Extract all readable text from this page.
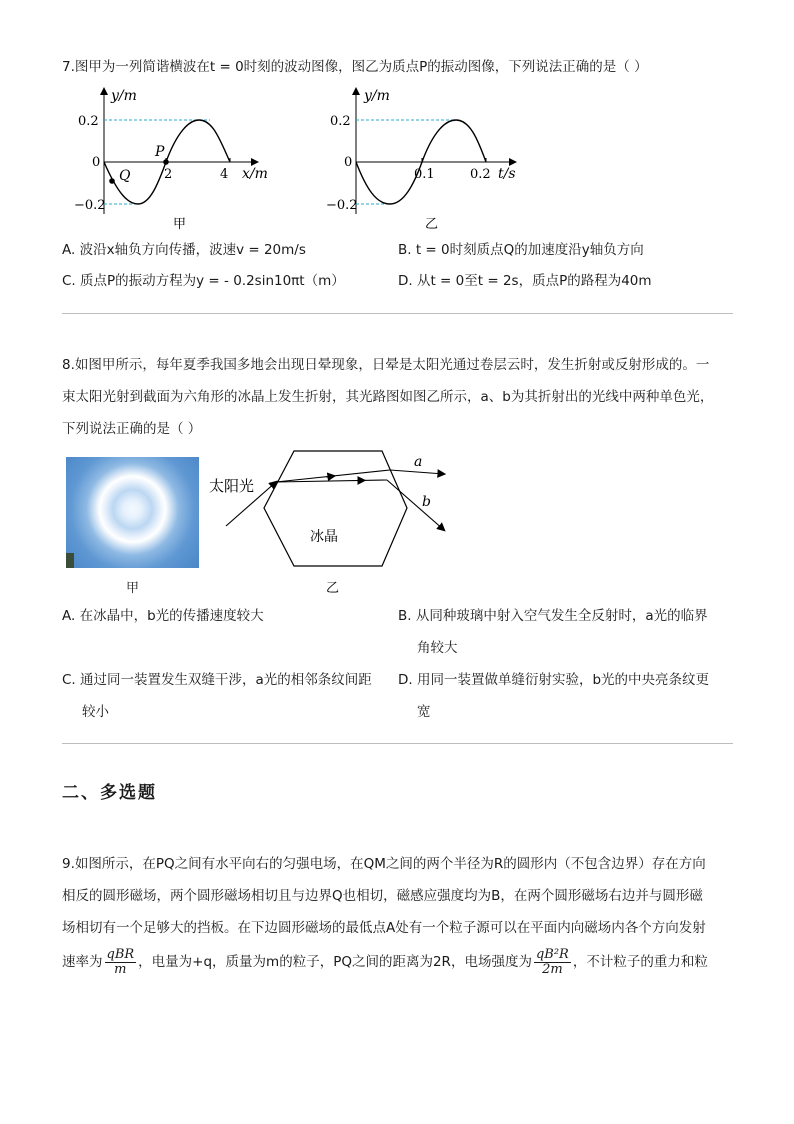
7.图甲为一列简谐横波在t = 0时刻的波动图像，图乙为质点P的振动图像，下列说法正确的是（ ）
y/m
0.2
0
−0.2
2	4 x/m
P
Q
甲
y/m
0.2
0
−0.2
0.1	0.2 t/s
乙
A. 波沿x轴负方向传播，波速v = 20m/s	B. t = 0时刻质点Q的加速度沿y轴负方向
C. 质点P的振动方程为y = - 0.2sin10πt（m）	D. 从t = 0至t = 2s，质点P的路程为40m
8.如图甲所示，每年夏季我国多地会出现日晕现象，日晕是太阳光通过卷层云时，发生折射或反射形成的。一
束太阳光射到截面为六角形的冰晶上发生折射，其光路图如图乙所示，a、b为其折射出的光线中两种单色光，
下列说法正确的是（ ）
甲
太阳光
冰晶
a
b
乙
A. 在冰晶中，b光的传播速度较大	B. 从同种玻璃中射入空气发生全反射时，a光的临界
角较大
C. 通过同一装置发生双缝干涉，a光的相邻条纹间距
较小
D. 用同一装置做单缝衍射实验，b光的中央亮条纹更
宽
二、多选题
9.如图所示，在PQ之间有水平向右的匀强电场，在QM之间的两个半径为R的圆形内（不包含边界）存在方向
相反的圆形磁场，两个圆形磁场相切且与边界Q也相切，磁感应强度均为B，在两个圆形磁场右边并与圆形磁
场相切有一个足够大的挡板。在下边圆形磁场的最低点A处有一个粒子源可以在平面内向磁场内各个方向发射
速率为 $\frac{\text{qBR}}{m}$ ，电量为+q，质量为m的粒子，PQ之间的距离为2R，电场强度为 $\frac{\text{qB²R}}{2m}$ ，不计粒子的重力和粒
